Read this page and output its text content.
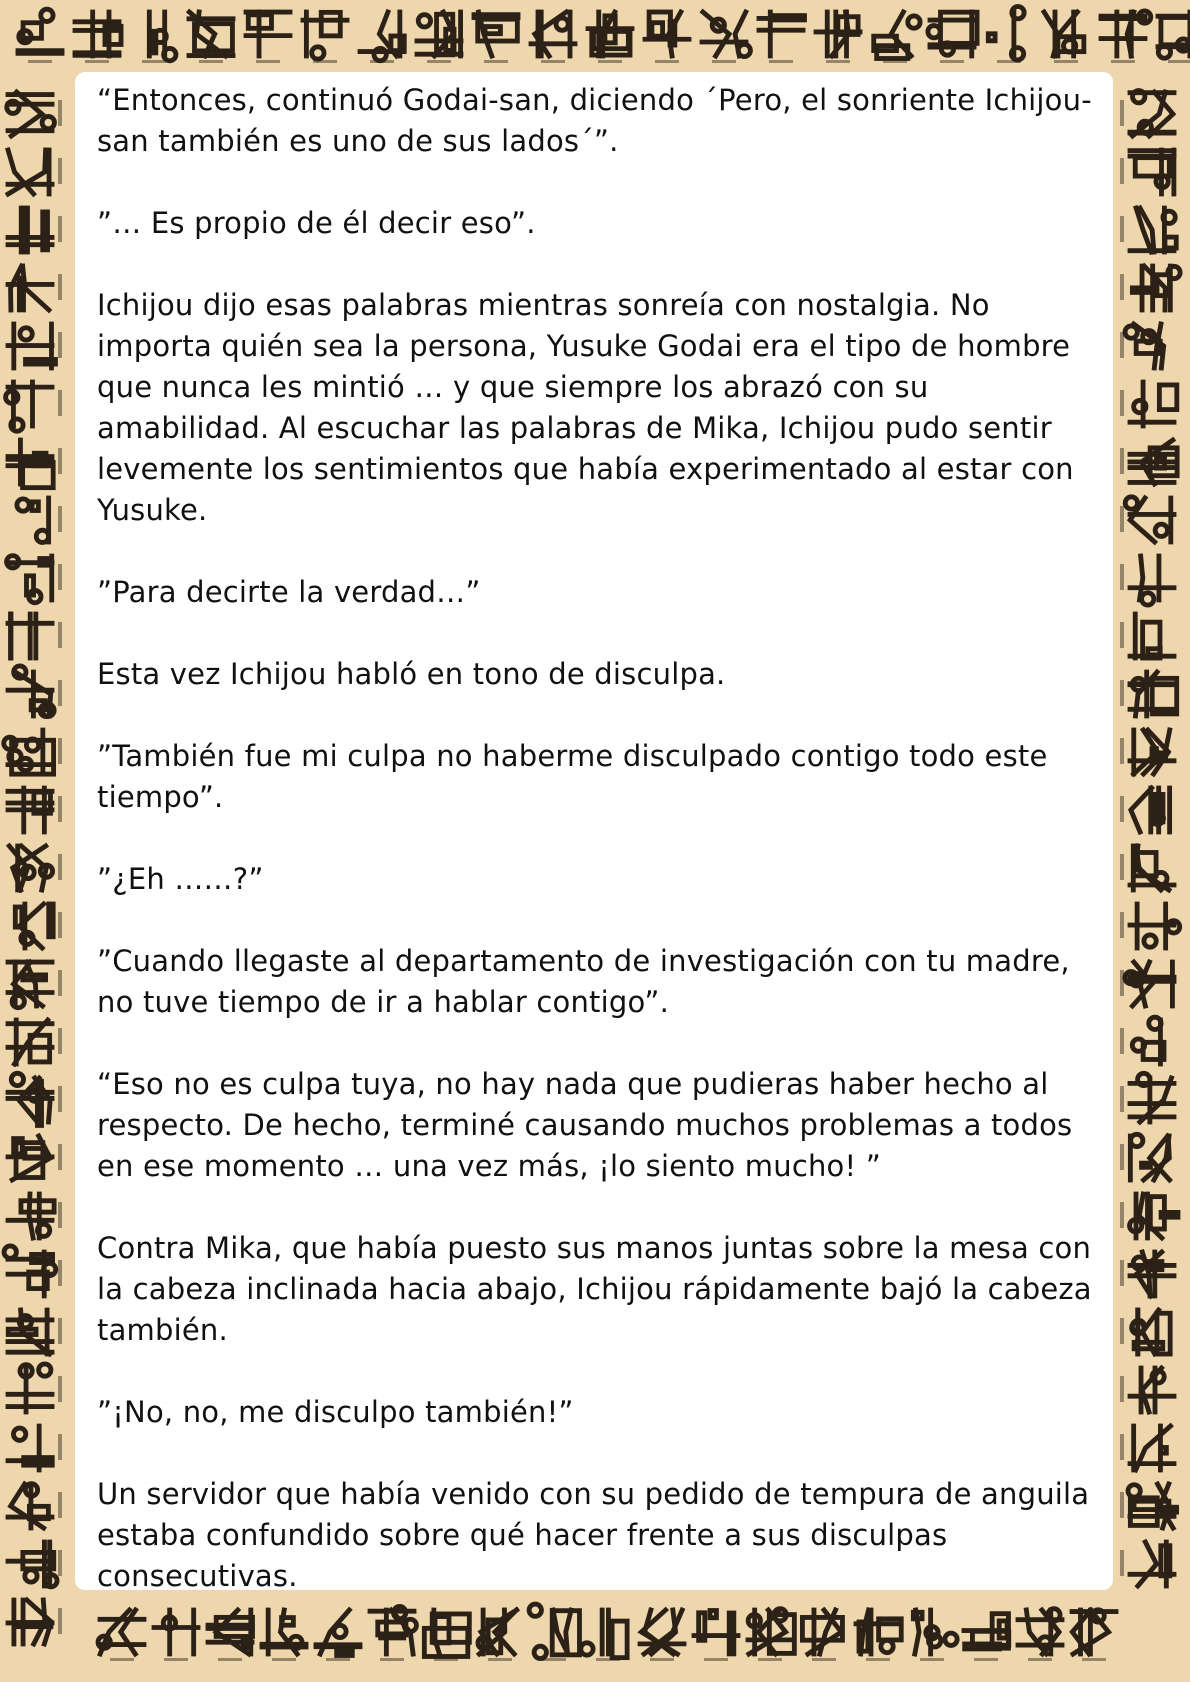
“Entonces, continuó Godai-san, diciendo ´Pero, el sonriente Ichijou-san también es uno de sus lados´”.

”… Es propio de él decir eso”.

Ichijou dijo esas palabras mientras sonreía con nostalgia. No importa quién sea la persona, Yusuke Godai era el tipo de hombre que nunca les mintió … y que siempre los abrazó con su amabilidad. Al escuchar las palabras de Mika, Ichijou pudo sentir levemente los sentimientos que había experimentado al estar con Yusuke.

”Para decirte la verdad…”

Esta vez Ichijou habló en tono de disculpa.

”También fue mi culpa no haberme disculpado contigo todo este tiempo”.

”¿Eh ……?”

”Cuando llegaste al departamento de investigación con tu madre, no tuve tiempo de ir a hablar contigo”.

“Eso no es culpa tuya, no hay nada que pudieras haber hecho al respecto. De hecho, terminé causando muchos problemas a todos en ese momento … una vez más, ¡lo siento mucho! ”

Contra Mika, que había puesto sus manos juntas sobre la mesa con la cabeza inclinada hacia abajo, Ichijou rápidamente bajó la cabeza también.

”¡No, no, me disculpo también!”

Un servidor que había venido con su pedido de tempura de anguila estaba confundido sobre qué hacer frente a sus disculpas consecutivas.
